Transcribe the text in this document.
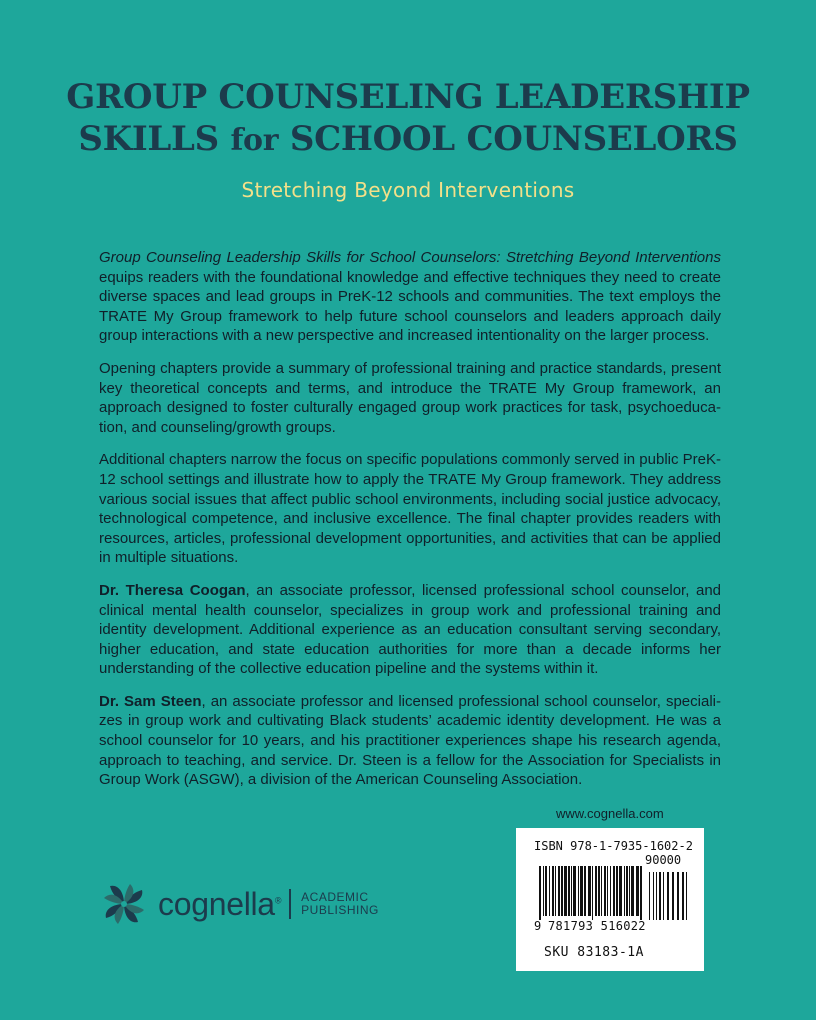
GROUP COUNSELING LEADERSHIP
SKILLS for SCHOOL COUNSELORS
Stretching Beyond Interventions

Group Counseling Leadership Skills for School Counselors: Stretching Beyond Interventions equips readers with the foundational knowledge and effective techniques they need to create diverse spaces and lead groups in PreK-12 schools and communities. The text employs the TRATE My Group framework to help future school counselors and leaders approach daily group interactions with a new perspective and increased intentionality on the larger process.

Opening chapters provide a summary of professional training and practice standards, present key theoretical concepts and terms, and introduce the TRATE My Group framework, an approach designed to foster culturally engaged group work practices for task, psychoeducation, and counseling/growth groups.

Additional chapters narrow the focus on specific populations commonly served in public PreK-12 school settings and illustrate how to apply the TRATE My Group framework. They address various social issues that affect public school environments, including social justice advocacy, technological competence, and inclusive excellence. The final chapter provides readers with resources, articles, professional development opportunities, and activities that can be applied in multiple situations.

Dr. Theresa Coogan, an associate professor, licensed professional school counselor, and clinical mental health counselor, specializes in group work and professional training and identity development. Additional experience as an education consultant serving secondary, higher education, and state education authorities for more than a decade informs her understanding of the collective education pipeline and the systems within it.

Dr. Sam Steen, an associate professor and licensed professional school counselor, specializes in group work and cultivating Black students’ academic identity development. He was a school counselor for 10 years, and his practitioner experiences shape his research agenda, approach to teaching, and service. Dr. Steen is a fellow for the Association for Specialists in Group Work (ASGW), a division of the American Counseling Association.

www.cognella.com
cognella® ACADEMIC
PUBLISHING
ISBN 978-1-7935-1602-2
90000
9 781793 516022
SKU 83183-1A
